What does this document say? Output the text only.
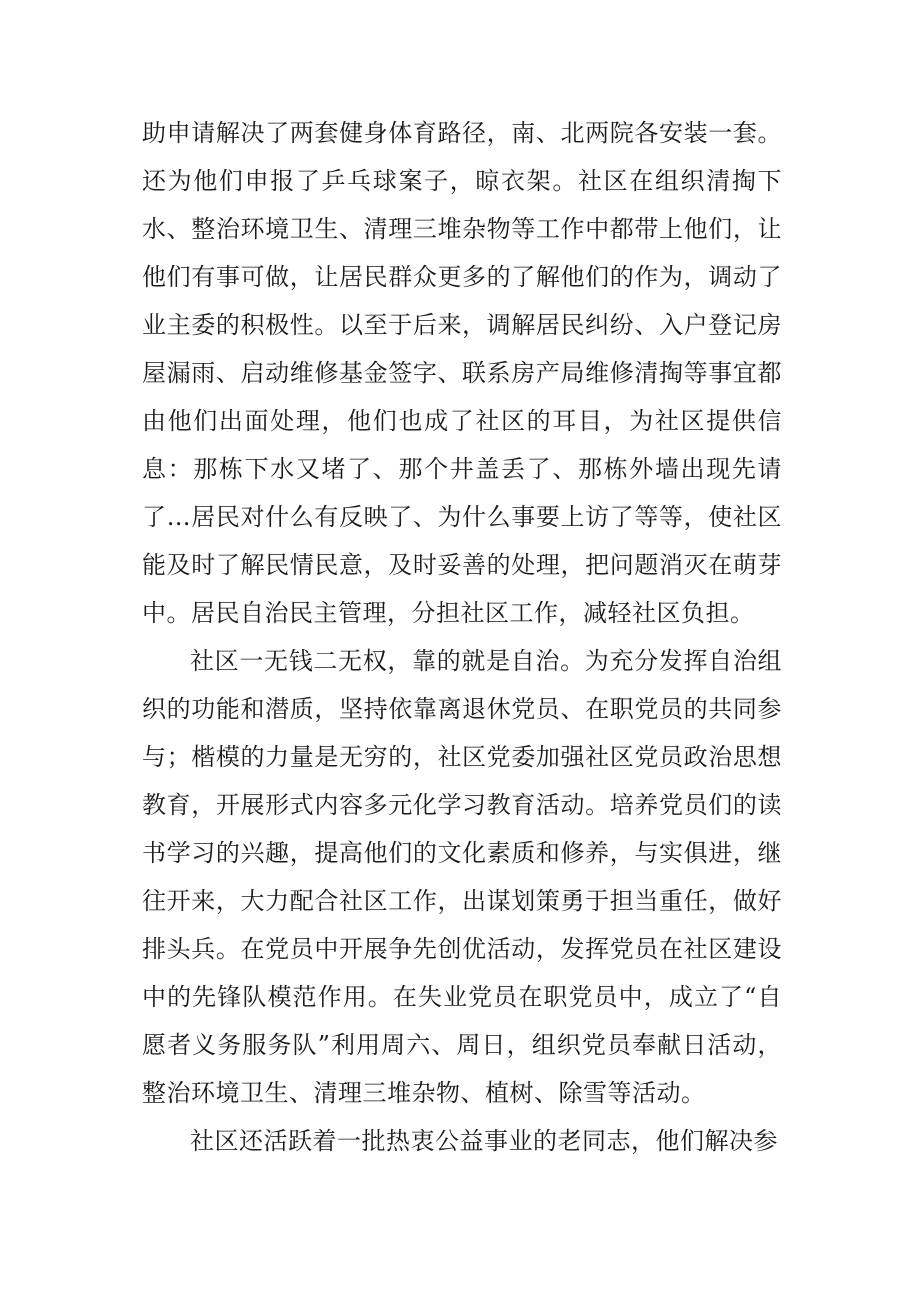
助申请解决了两套健身体育路径，南、北两院各安装一套。还为他们申报了乒乓球案子，晾衣架。社区在组织清掏下水、整治环境卫生、清理三堆杂物等工作中都带上他们，让他们有事可做，让居民群众更多的了解他们的作为，调动了业主委的积极性。以至于后来，调解居民纠纷、入户登记房屋漏雨、启动维修基金签字、联系房产局维修清掏等事宜都由他们出面处理，他们也成了社区的耳目，为社区提供信息：那栋下水又堵了、那个井盖丢了、那栋外墙出现先请了…居民对什么有反映了、为什么事要上访了等等，使社区能及时了解民情民意，及时妥善的处理，把问题消灭在萌芽中。居民自治民主管理，分担社区工作，减轻社区负担。

社区一无钱二无权，靠的就是自治。为充分发挥自治组织的功能和潜质，坚持依靠离退休党员、在职党员的共同参与；楷模的力量是无穷的，社区党委加强社区党员政治思想教育，开展形式内容多元化学习教育活动。培养党员们的读书学习的兴趣，提高他们的文化素质和修养，与实俱进，继往开来，大力配合社区工作，出谋划策勇于担当重任，做好排头兵。在党员中开展争先创优活动，发挥党员在社区建设中的先锋队模范作用。在失业党员在职党员中，成立了“自愿者义务服务队”利用周六、周日，组织党员奉献日活动，整治环境卫生、清理三堆杂物、植树、除雪等活动。

社区还活跃着一批热衷公益事业的老同志，他们解决参
